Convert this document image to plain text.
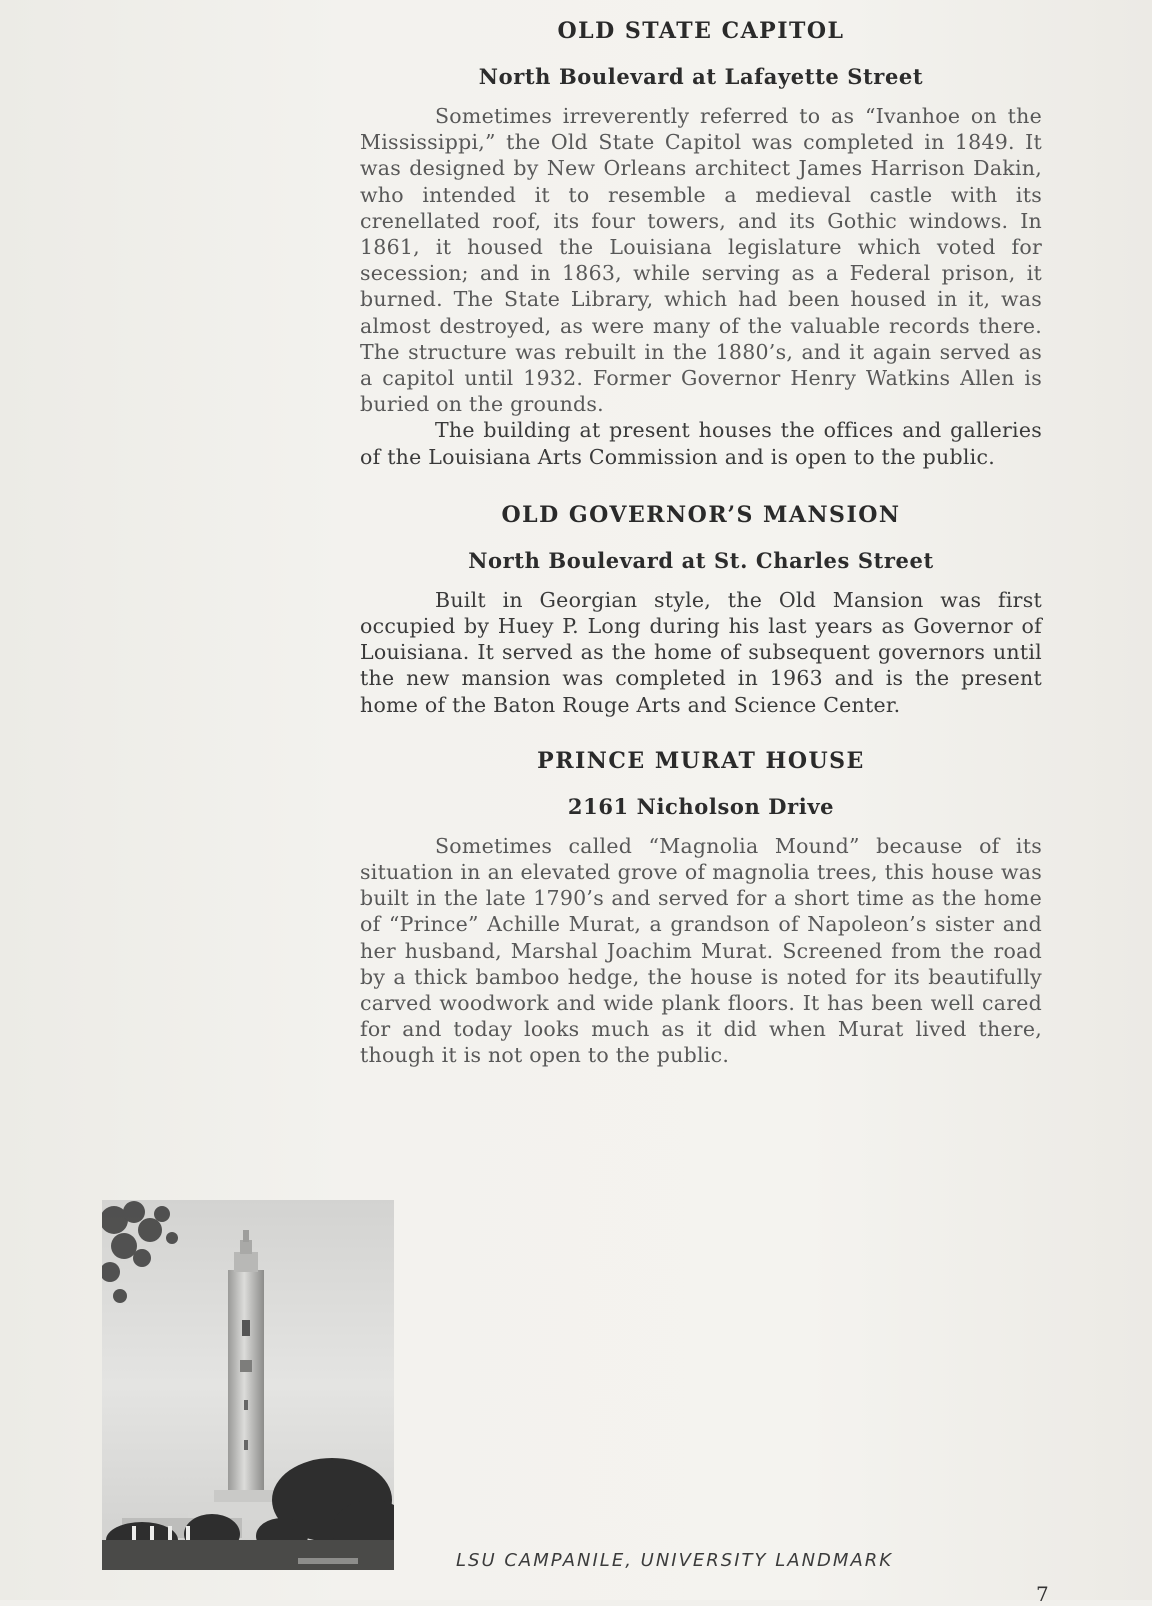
OLD STATE CAPITOL
North Boulevard at Lafayette Street

Sometimes irreverently referred to as “Ivanhoe on the Mississippi,” the Old State Capitol was completed in 1849. It was designed by New Orleans architect James Harrison Dakin, who intended it to resemble a medieval castle with its crenellated roof, its four towers, and its Gothic windows. In 1861, it housed the Louisiana legislature which voted for secession; and in 1863, while serving as a Federal prison, it burned. The State Library, which had been housed in it, was almost destroyed, as were many of the valuable records there. The structure was rebuilt in the 1880’s, and it again served as a capitol until 1932. Former Governor Henry Watkins Allen is buried on the grounds.

The building at present houses the offices and galleries of the Louisiana Arts Commission and is open to the public.

OLD GOVERNOR’S MANSION
North Boulevard at St. Charles Street

Built in Georgian style, the Old Mansion was first occupied by Huey P. Long during his last years as Governor of Louisiana. It served as the home of subsequent governors until the new mansion was completed in 1963 and is the present home of the Baton Rouge Arts and Science Center.

PRINCE MURAT HOUSE
2161 Nicholson Drive

Sometimes called “Magnolia Mound” because of its situation in an elevated grove of magnolia trees, this house was built in the late 1790’s and served for a short time as the home of “Prince” Achille Murat, a grandson of Napoleon’s sister and her husband, Marshal Joachim Murat. Screened from the road by a thick bamboo hedge, the house is noted for its beautifully carved woodwork and wide plank floors. It has been well cared for and today looks much as it did when Murat lived there, though it is not open to the public.

LSU CAMPANILE, UNIVERSITY LANDMARK
7
